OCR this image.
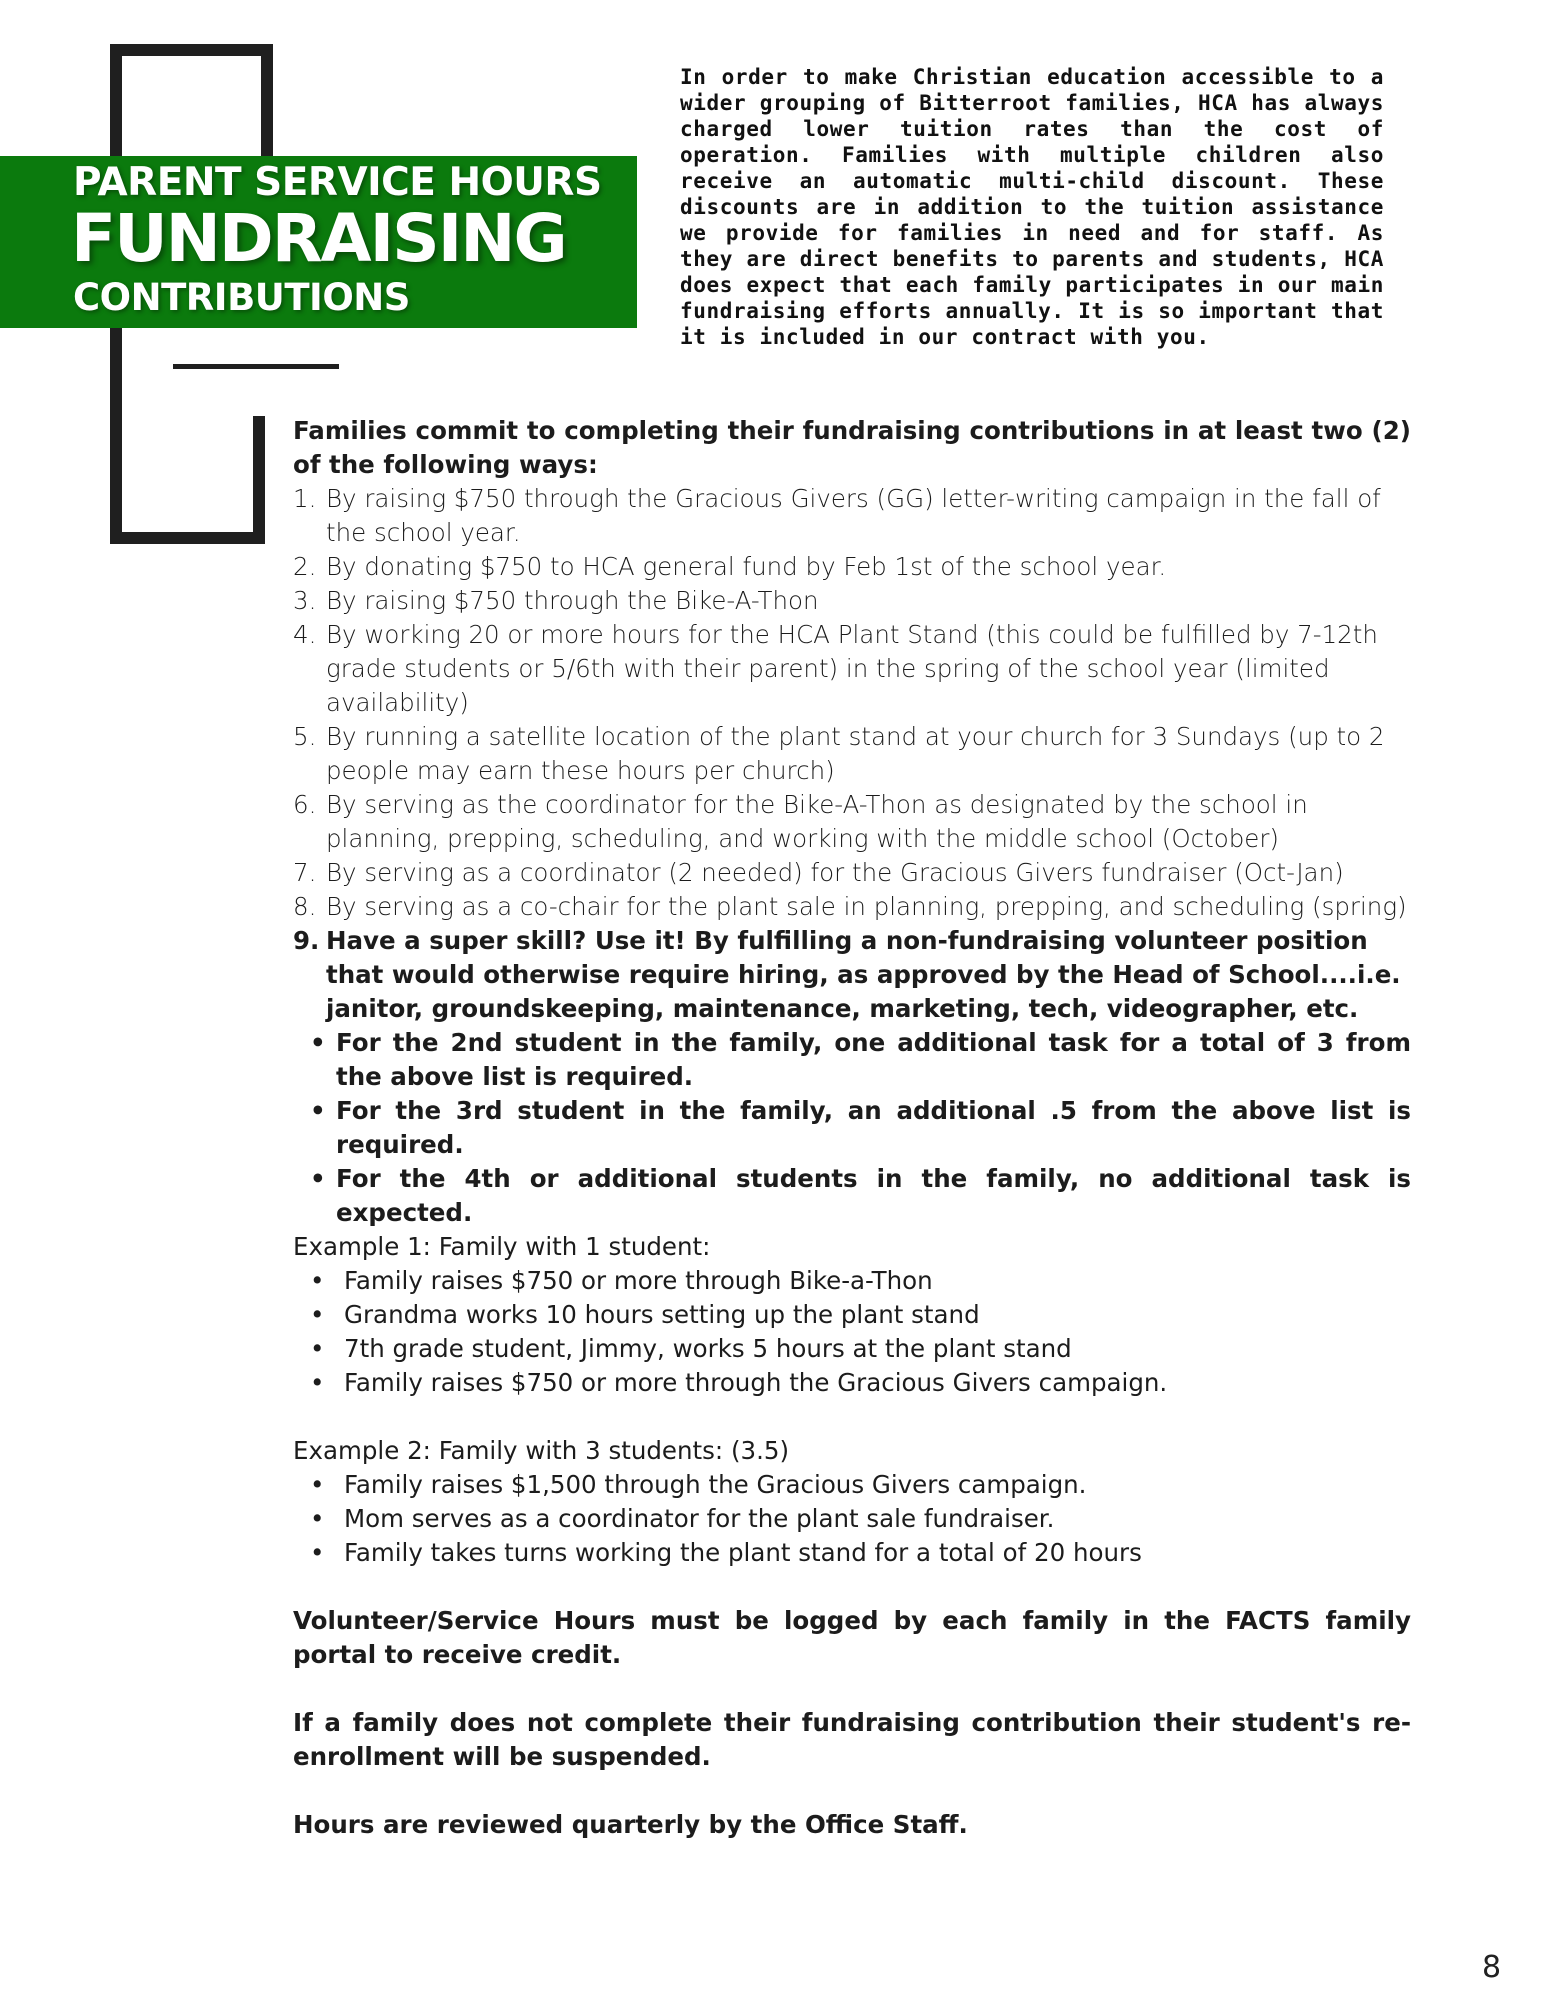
PARENT SERVICE HOURS
FUNDRAISING
CONTRIBUTIONS
In order to make Christian education accessible to a wider grouping of Bitterroot families, HCA has always charged lower tuition rates than the cost of operation. Families with multiple children also receive an automatic multi-child discount. These discounts are in addition to the tuition assistance we provide for families in need and for staff. As they are direct benefits to parents and students, HCA does expect that each family participates in our main fundraising efforts annually. It is so important that it is included in our contract with you.

Families commit to completing their fundraising contributions in at least two (2) of the following ways:

1. By raising $750 through the Gracious Givers (GG) letter-writing campaign in the fall of the school year.
2. By donating $750 to HCA general fund by Feb 1st of the school year.
3. By raising $750 through the Bike-A-Thon
4. By working 20 or more hours for the HCA Plant Stand (this could be fulfilled by 7-12th grade students or 5/6th with their parent) in the spring of the school year (limited availability)
5. By running a satellite location of the plant stand at your church for 3 Sundays (up to 2 people may earn these hours per church)
6. By serving as the coordinator for the Bike-A-Thon as designated by the school in planning, prepping, scheduling, and working with the middle school (October)
7. By serving as a coordinator (2 needed) for the Gracious Givers fundraiser (Oct-Jan)
8. By serving as a co-chair for the plant sale in planning, prepping, and scheduling (spring)
9. Have a super skill? Use it! By fulfilling a non-fundraising volunteer position that would otherwise require hiring, as approved by the Head of School....i.e. janitor, groundskeeping, maintenance, marketing, tech, videographer, etc.
• For the 2nd student in the family, one additional task for a total of 3 from the above list is required.
• For the 3rd student in the family, an additional .5 from the above list is required.
• For the 4th or additional students in the family, no additional task is expected.

Example 1: Family with 1 student:

• Family raises $750 or more through Bike-a-Thon
• Grandma works 10 hours setting up the plant stand
• 7th grade student, Jimmy, works 5 hours at the plant stand
• Family raises $750 or more through the Gracious Givers campaign.

Example 2: Family with 3 students: (3.5)

• Family raises $1,500 through the Gracious Givers campaign.
• Mom serves as a coordinator for the plant sale fundraiser.
• Family takes turns working the plant stand for a total of 20 hours

Volunteer/Service Hours must be logged by each family in the FACTS family portal to receive credit.

If a family does not complete their fundraising contribution their student's re-enrollment will be suspended.

Hours are reviewed quarterly by the Office Staff.

8
